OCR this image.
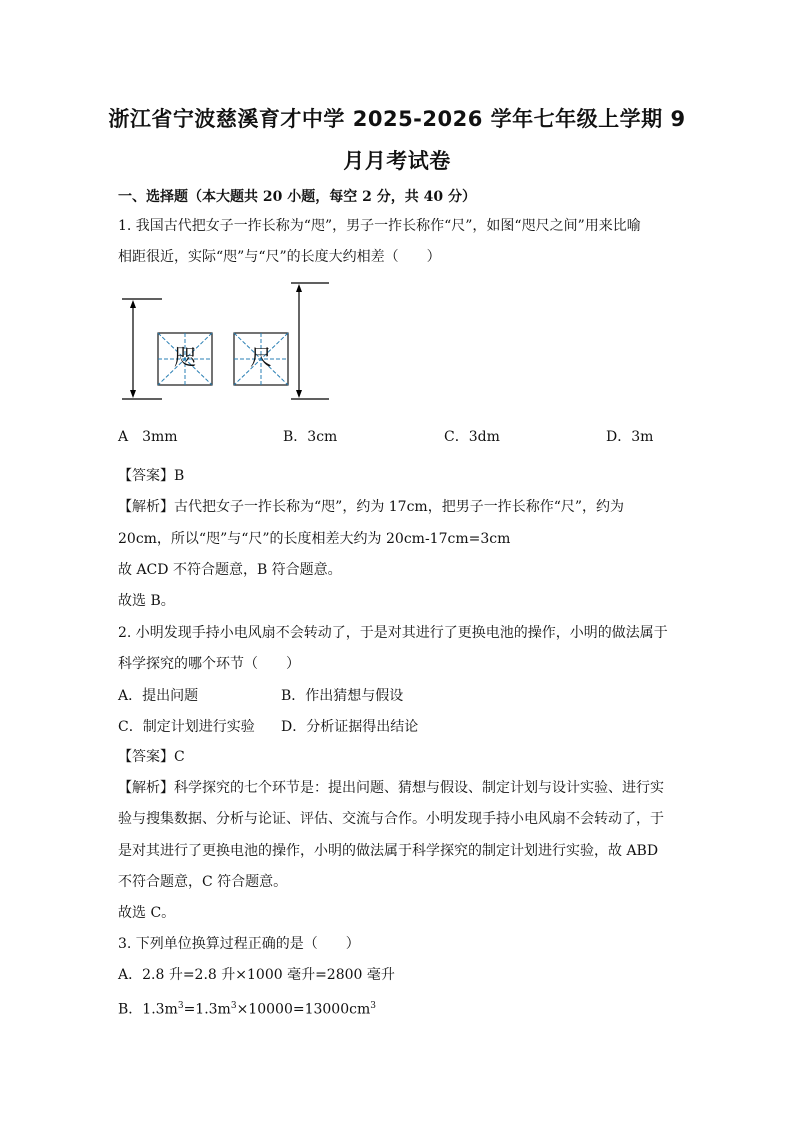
浙江省宁波慈溪育才中学 2025-2026 学年七年级上学期 9
月月考试卷
一、选择题（本大题共 20 小题，每空 2 分，共 40 分）
1. 我国古代把女子一拃长称为“咫”，男子一拃长称作“尺”，如图“咫尺之间”用来比喻
相距很近，实际“咫”与“尺”的长度大约相差（　　）
咫 尺
A　3mm	B．3cm	C．3dm	D．3m
【答案】B
【解析】古代把女子一拃长称为“咫”，约为 17cm，把男子一拃长称作“尺”，约为
20cm，所以“咫”与“尺”的长度相差大约为 20cm-17cm=3cm
故 ACD 不符合题意，B 符合题意。
故选 B。
2. 小明发现手持小电风扇不会转动了，于是对其进行了更换电池的操作，小明的做法属于
科学探究的哪个环节（　　）
A．提出问题	B．作出猜想与假设
C．制定计划进行实验 D．分析证据得出结论
【答案】C
【解析】科学探究的七个环节是：提出问题、猜想与假设、制定计划与设计实验、进行实
验与搜集数据、分析与论证、评估、交流与合作。小明发现手持小电风扇不会转动了，于
是对其进行了更换电池的操作，小明的做法属于科学探究的制定计划进行实验，故 ABD
不符合题意，C 符合题意。
故选 C。
3. 下列单位换算过程正确的是（　　）
A．2.8 升=2.8 升×1000 毫升=2800 毫升
B．$1.3m^3=1.3m^3\times 10000=13000cm^3$
